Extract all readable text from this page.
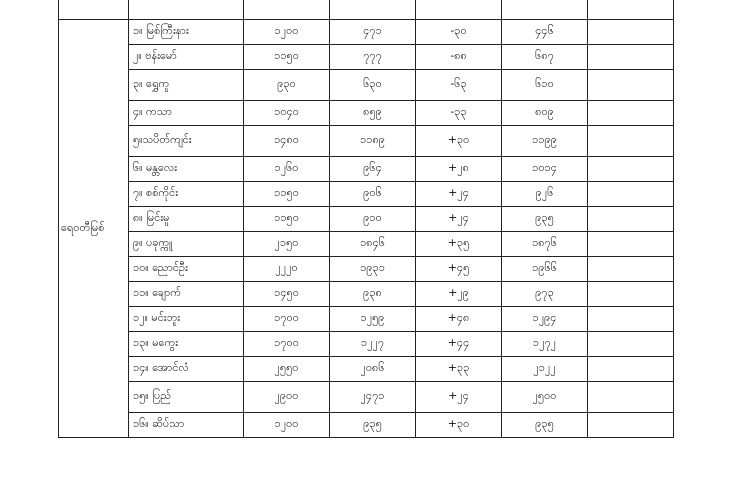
ရေဝတီမြစ်	၁။ မြစ်ကြီးနား	၁၂၀၀	၄၇၁	-၃၀	၄၄၆	
	၂။ ဗန်းမော်	၁၁၅၀	၇၇၇	-၈၈	၆၈၇	
	၃။ ရွှေကူ	၉၃၀	၆၃၀	-၆၃	၆၁၀	
	၄။ ကသာ	၁၀၄၀	၈၅၉	-၃၃	၈၀၉	
	၅။သပိတ်ကျင်း	၁၄၈၀	၁၁၈၉	+၃၀	၁၁၉၉	
	၆။ မန္တလေး	၁၂၆၀	၉၆၄	+၂၈	၁၀၁၄	
	၇။ စစ်ကိုင်း	၁၁၅၀	၉၀၆	+၂၄	၉၂၆	
	၈။ မြင်းမူ	၁၁၅၀	၉၁၀	+၂၄	၉၃၅	
	၉။ ပခုက္ကူ	၂၁၅၀	၁၈၄၆	+၃၅	၁၈၇၆	
	၁၀။ ညောင်ဦး	၂၂၂၀	၁၉၃၁	+၄၅	၁၉၆၆	
	၁၁။ ချောက်	၁၄၅၀	၉၃၈	+၂၉	၉၇၃	
	၁၂။ မင်းဘူး	၁၇၀၀	၁၂၅၉	+၄၈	၁၂၉၄	
	၁၃။ မကွေး	၁၇၀၀	၁၂၂၇	+၄၄	၁၂၇၂	
	၁၄။ အောင်လံ	၂၅၅၀	၂၀၈၆	+၃၃	၂၁၂၂	
	၁၅။ ပြည်	၂၉၀၀	၂၄၇၁	+၂၄	၂၅၀၀	
	၁၆။ ဆိပ်သာ	၁၂၀၀	၉၃၅	+၃၀	၉၃၅	
